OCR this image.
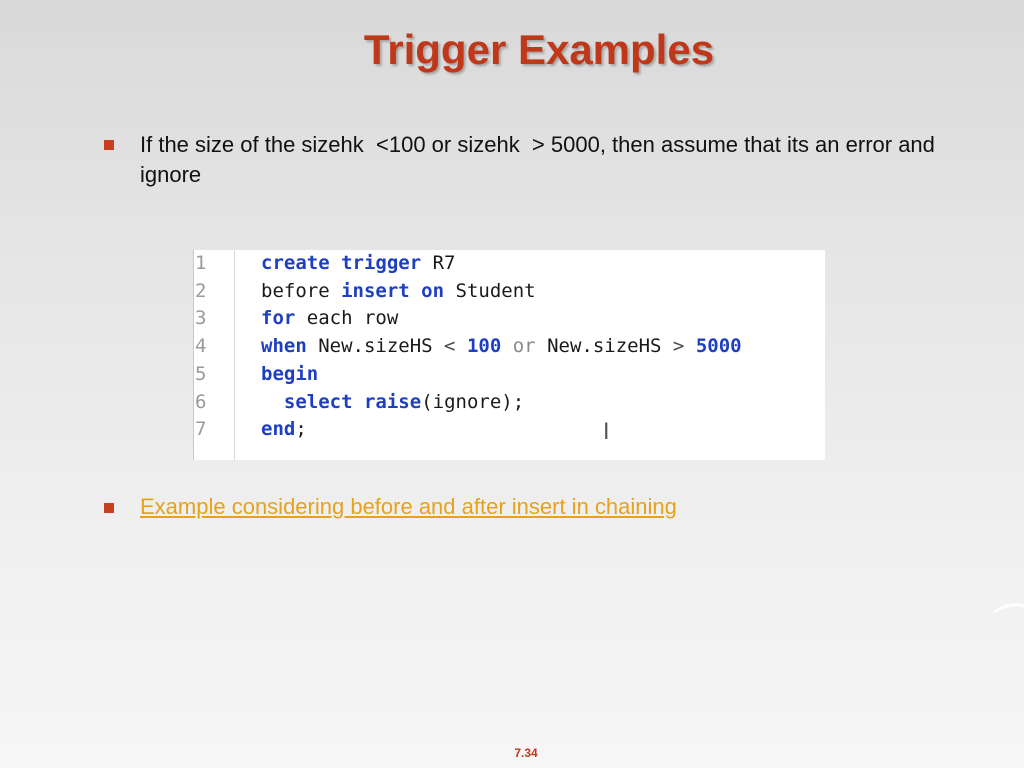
Trigger Examples
If the size of the sizehk  <100 or sizehk  > 5000, then assume that its an error and ignore
1	create trigger R7
2	before insert on Student
3	for each row
4	when New.sizeHS < 100 or New.sizeHS > 5000
5	begin
6	select raise(ignore);
7	end;	I
Example considering before and after insert in chaining
7.34
